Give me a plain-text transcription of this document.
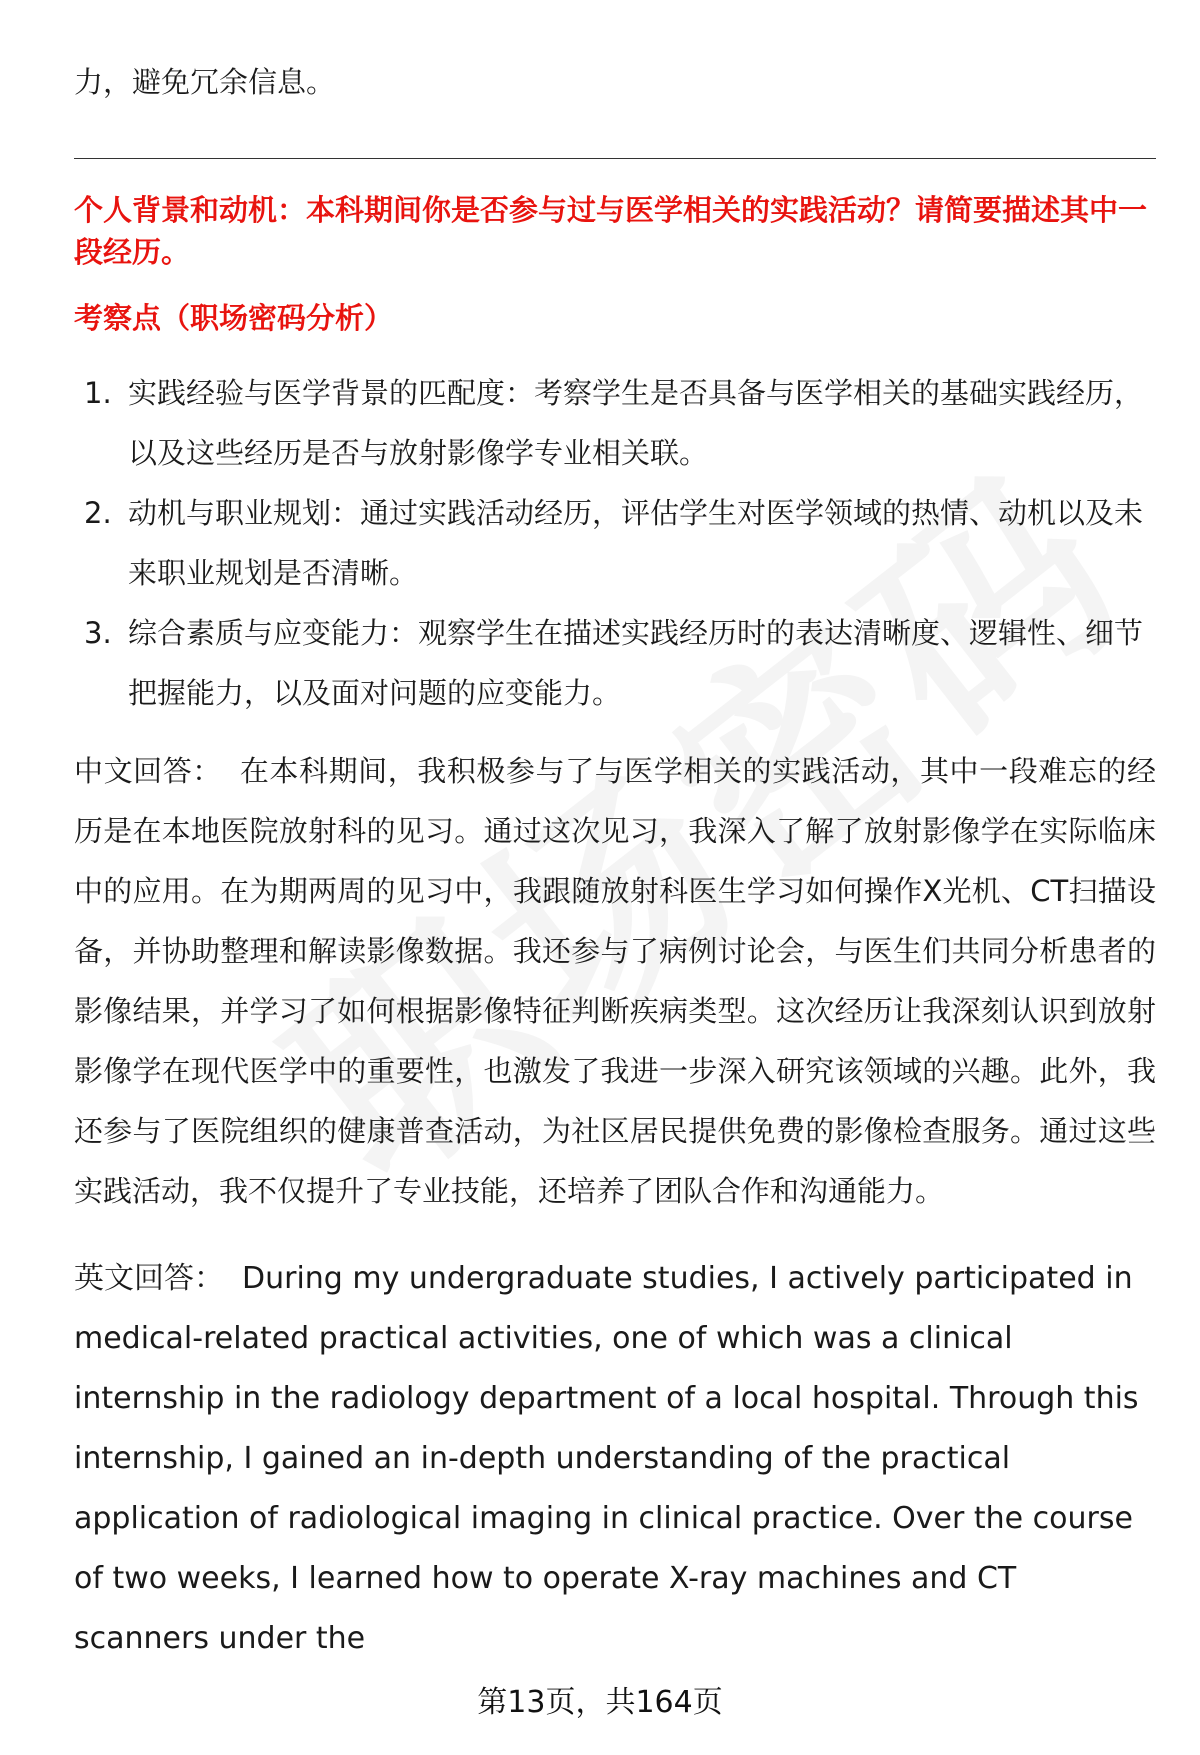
力，避免冗余信息。

个人背景和动机：本科期间你是否参与过与医学相关的实践活动？请简要描述其中一段经历。

考察点（职场密码分析）

1. 实践经验与医学背景的匹配度：考察学生是否具备与医学相关的基础实践经历，以及这些经历是否与放射影像学专业相关联。
2. 动机与职业规划：通过实践活动经历，评估学生对医学领域的热情、动机以及未来职业规划是否清晰。
3. 综合素质与应变能力：观察学生在描述实践经历时的表达清晰度、逻辑性、细节把握能力，以及面对问题的应变能力。

中文回答： 在本科期间，我积极参与了与医学相关的实践活动，其中一段难忘的经历是在本地医院放射科的见习。通过这次见习，我深入了解了放射影像学在实际临床中的应用。在为期两周的见习中，我跟随放射科医生学习如何操作X光机、CT扫描设备，并协助整理和解读影像数据。我还参与了病例讨论会，与医生们共同分析患者的影像结果，并学习了如何根据影像特征判断疾病类型。这次经历让我深刻认识到放射影像学在现代医学中的重要性，也激发了我进一步深入研究该领域的兴趣。此外，我还参与了医院组织的健康普查活动，为社区居民提供免费的影像检查服务。通过这些实践活动，我不仅提升了专业技能，还培养了团队合作和沟通能力。

英文回答： During my undergraduate studies, I actively participated in medical-related practical activities, one of which was a clinical internship in the radiology department of a local hospital. Through this internship, I gained an in-depth understanding of the practical application of radiological imaging in clinical practice. Over the course of two weeks, I learned how to operate X-ray machines and CT scanners under the

第13页，共164页
